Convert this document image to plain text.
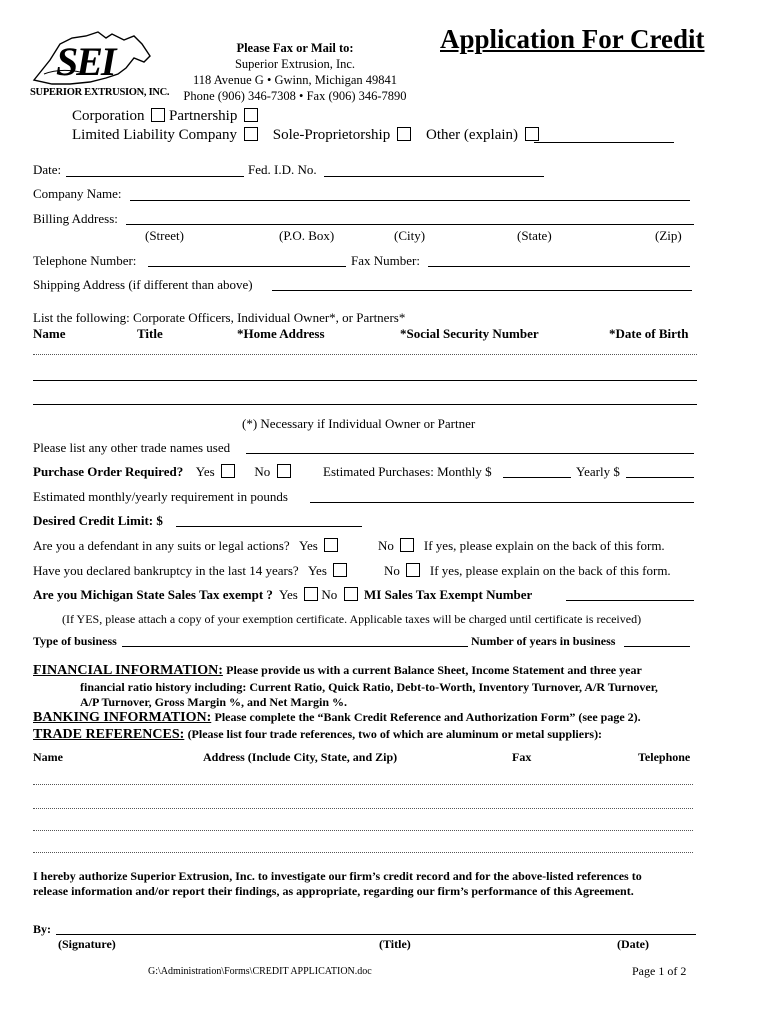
SEI
SUPERIOR EXTRUSION, INC.
Please Fax or Mail to:
Superior Extrusion, Inc.
118 Avenue G • Gwinn, Michigan 49841
Phone (906) 346-7308 • Fax (906) 346-7890
Application For Credit
Corporation Partnership
Limited Liability Company Sole-Proprietorship Other (explain)
Date:	Fed. I.D. No.
Company Name:
Billing Address:
(Street)	(P.O. Box)	(City)	(State)	(Zip)
Telephone Number:	Fax Number:
Shipping Address (if different than above)
List the following: Corporate Officers, Individual Owner*, or Partners*
Name	Title	*Home Address	*Social Security Number	*Date of Birth
(*) Necessary if Individual Owner or Partner
Please list any other trade names used
Purchase Order Required? Yes	No	Estimated Purchases: Monthly $	Yearly $
Estimated monthly/yearly requirement in pounds
Desired Credit Limit: $
Are you a defendant in any suits or legal actions? Yes	No If yes, please explain on the back of this form.
Have you declared bankruptcy in the last 14 years? Yes	No If yes, please explain on the back of this form.
Are you Michigan State Sales Tax exempt ? Yes No MI Sales Tax Exempt Number
(If YES, please attach a copy of your exemption certificate. Applicable taxes will be charged until certificate is received)
Type of business	Number of years in business
FINANCIAL INFORMATION: Please provide us with a current Balance Sheet, Income Statement and three year
financial ratio history including: Current Ratio, Quick Ratio, Debt-to-Worth, Inventory Turnover, A/R Turnover,
A/P Turnover, Gross Margin %, and Net Margin %.
BANKING INFORMATION: Please complete the “Bank Credit Reference and Authorization Form” (see page 2).
TRADE REFERENCES: (Please list four trade references, two of which are aluminum or metal suppliers):
Name	Address (Include City, State, and Zip)	Fax	Telephone
I hereby authorize Superior Extrusion, Inc. to investigate our firm’s credit record and for the above-listed references to
release information and/or report their findings, as appropriate, regarding our firm’s performance of this Agreement.
By:
(Signature)	(Title)	(Date)
G:\Administration\Forms\CREDIT APPLICATION.doc	Page 1 of 2
